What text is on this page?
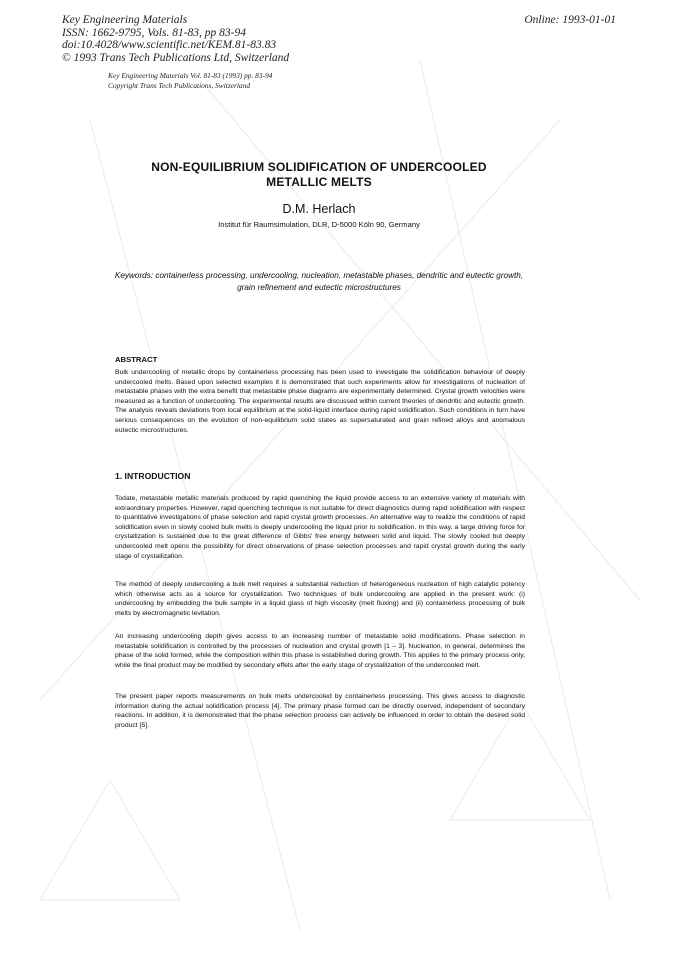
Key Engineering Materials
ISSN: 1662-9795, Vols. 81-83, pp 83-94
doi:10.4028/www.scientific.net/KEM.81-83.83
© 1993 Trans Tech Publications Ltd, Switzerland
Online: 1993-01-01
Key Engineering Materials Vol. 81-83 (1993) pp. 83-94
Copyright Trans Tech Publications, Switzerland
NON-EQUILIBRIUM SOLIDIFICATION OF UNDERCOOLED
METALLIC MELTS
D.M. Herlach
Institut für Raumsimulation, DLR, D-5000 Köln 90, Germany
Keywords: containerless processing, undercooling, nucleation, metastable phases, dendritic and eutectic growth, grain refinement and eutectic microstructures
ABSTRACT
Bulk undercooling of metallic drops by containerless processing has been used to investigate the solidification behaviour of deeply undercooled melts. Based upon selected examples it is demonstrated that such experiments allow for investigations of nucleation of metastable phases with the extra benefit that metastable phase diagrams are experimentally determined. Crystal growth velocities were measured as a function of undercooling. The experimental results are discussed within current theories of dendritic and eutectic growth. The analysis reveals deviations from local equilibrium at the solid-liquid interface during rapid solidification. Such conditions in turn have serious consequences on the evolution of non-equilibrium solid states as supersaturated and grain refined alloys and anomalous eutectic microstructures.
1. INTRODUCTION
Todate, metastable metallic materials produced by rapid quenching the liquid provide access to an extensive variety of materials with extraordinary properties. However, rapid quenching technique is not suitable for direct diagnostics during rapid solidification with respect to quantitative investigations of phase selection and rapid crystal growth processes. An alternative way to realize the conditions of rapid solidification even in slowly cooled bulk melts is deeply undercooling the liquid prior to solidification. In this way, a large driving force for crystallization is sustained due to the great difference of Gibbs' free energy between solid and liquid. The slowly cooled but deeply undercooled melt opens the possibility for direct observations of phase selection processes and rapid crystal growth during the early stage of crystallization.
The method of deeply undercooling a bulk melt requires a substantial reduction of heterogeneous nucleation of high catalytic potency which otherwise acts as a source for crystallization. Two techniques of bulk undercooling are applied in the present work: (i) undercooling by embedding the bulk sample in a liquid glass of high viscosity (melt fluxing) and (ii) containerless processing of bulk melts by electromagnetic levitation.
An increasing undercooling depth gives access to an increasing number of metastable solid modifications. Phase selection in metastable solidification is controlled by the processes of nucleation and crystal growth [1 – 3]. Nucleation, in general, determines the phase of the solid formed, while the composition within this phase is established during growth. This applies to the primary process only, while the final product may be modified by secondary effets after the early stage of crystallization of the undercooled melt.
The present paper reports measurements on bulk melts undercooled by containerless processing. This gives access to diagnostic information during the actual solidification process [4]. The primary phase formed can be directly oserved, independent of secondary reactions. In addition, it is demonstrated that the phase selection process can actively be influenced in order to obtain the desired solid product [5].
